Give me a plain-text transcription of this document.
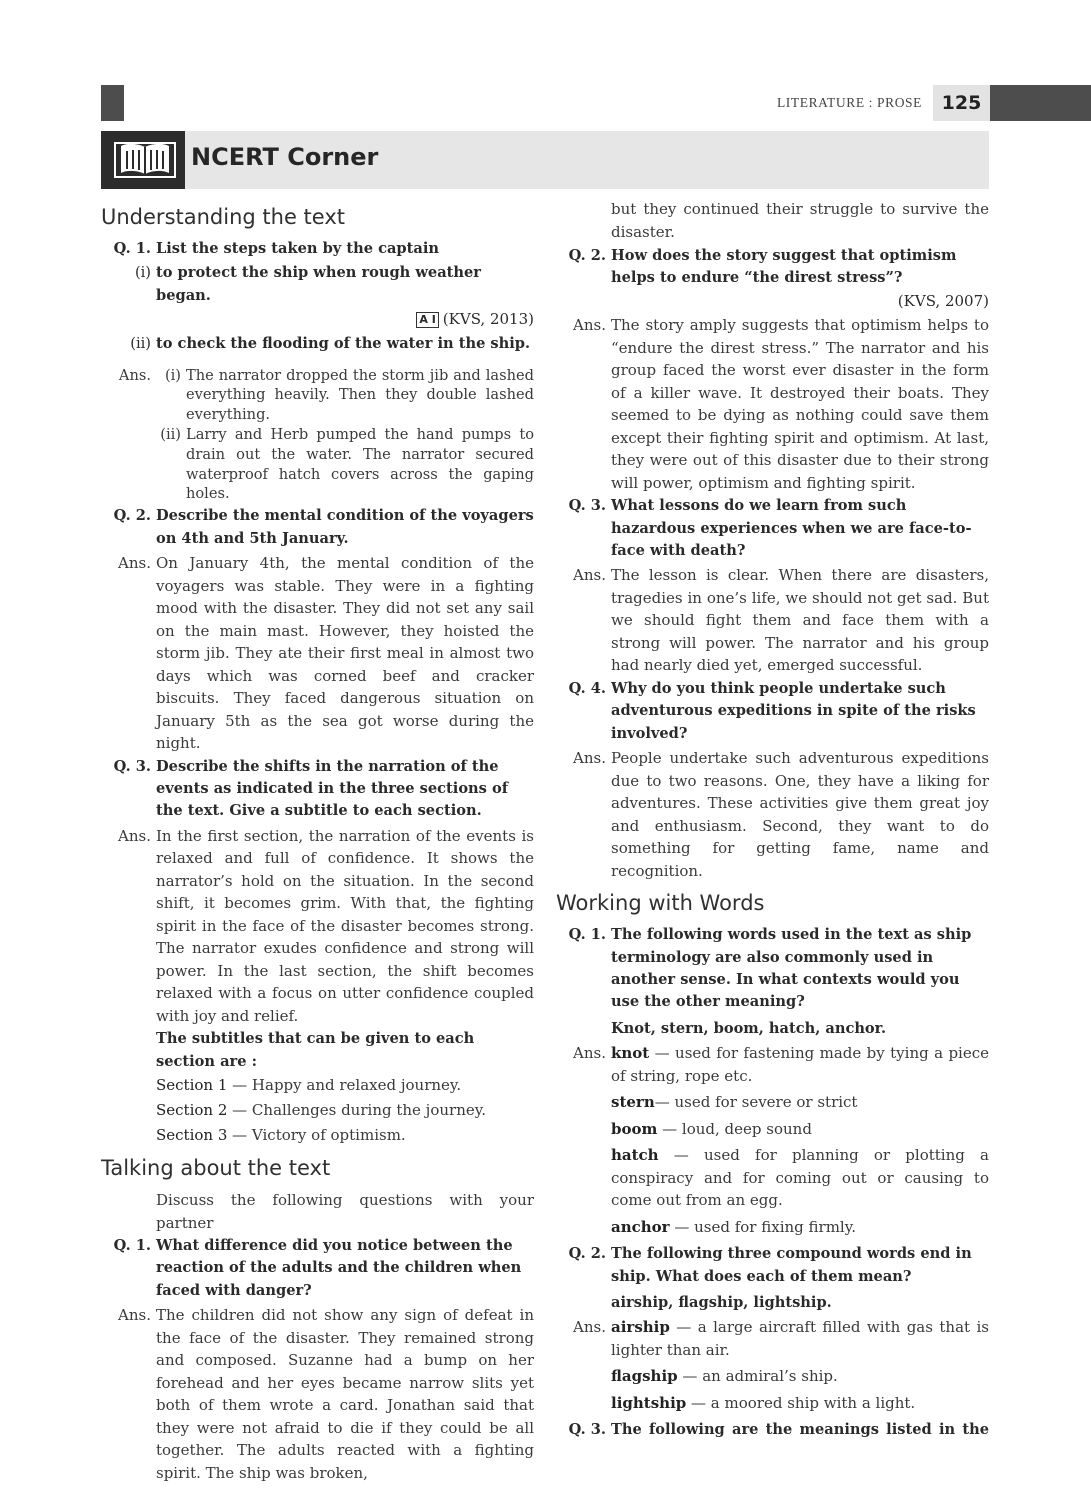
LITERATURE : PROSE	125
NCERT Corner
Understanding the text
Q. 1. List the steps taken by the captain
(i) to protect the ship when rough weather began.
A I (KVS, 2013)
(ii) to check the flooding of the water in the ship.
Ans. (i) The narrator dropped the storm jib and lashed everything heavily. Then they double lashed everything.
(ii) Larry and Herb pumped the hand pumps to drain out the water. The narrator secured waterproof hatch covers across the gaping holes.
Q. 2. Describe the mental condition of the voyagers on 4th and 5th January.
Ans. On January 4th, the mental condition of the voyagers was stable. They were in a fighting mood with the disaster. They did not set any sail on the main mast. However, they hoisted the storm jib. They ate their first meal in almost two days which was corned beef and cracker biscuits. They faced dangerous situation on January 5th as the sea got worse during the night.
Q. 3. Describe the shifts in the narration of the events as indicated in the three sections of the text. Give a subtitle to each section.
Ans. In the first section, the narration of the events is relaxed and full of confidence. It shows the narrator’s hold on the situation. In the second shift, it becomes grim. With that, the fighting spirit in the face of the disaster becomes strong. The narrator exudes confidence and strong will power. In the last section, the shift becomes relaxed with a focus on utter confidence coupled with joy and relief.
The subtitles that can be given to each section are :
Section 1 — Happy and relaxed journey.
Section 2 — Challenges during the journey.
Section 3 — Victory of optimism.
Talking about the text
Discuss the following questions with your partner
Q. 1. What difference did you notice between the reaction of the adults and the children when faced with danger?
Ans. The children did not show any sign of defeat in the face of the disaster. They remained strong and composed. Suzanne had a bump on her forehead and her eyes became narrow slits yet both of them wrote a card. Jonathan said that they were not afraid to die if they could be all together. The adults reacted with a fighting spirit. The ship was broken,
but they continued their struggle to survive the disaster.
Q. 2. How does the story suggest that optimism helps to endure “the direst stress”?
(KVS, 2007)
Ans. The story amply suggests that optimism helps to “endure the direst stress.” The narrator and his group faced the worst ever disaster in the form of a killer wave. It destroyed their boats. They seemed to be dying as nothing could save them except their fighting spirit and optimism. At last, they were out of this disaster due to their strong will power, optimism and fighting spirit.
Q. 3. What lessons do we learn from such hazardous experiences when we are face-to-face with death?
Ans. The lesson is clear. When there are disasters, tragedies in one’s life, we should not get sad. But we should fight them and face them with a strong will power. The narrator and his group had nearly died yet, emerged successful.
Q. 4. Why do you think people undertake such adventurous expeditions in spite of the risks involved?
Ans. People undertake such adventurous expeditions due to two reasons. One, they have a liking for adventures. These activities give them great joy and enthusiasm. Second, they want to do something for getting fame, name and recognition.
Working with Words
Q. 1. The following words used in the text as ship terminology are also commonly used in another sense. In what contexts would you use the other meaning?
Knot, stern, boom, hatch, anchor.
Ans. knot — used for fastening made by tying a piece of string, rope etc.
stern— used for severe or strict
boom — loud, deep sound
hatch — used for planning or plotting a conspiracy and for coming out or causing to come out from an egg.
anchor — used for fixing firmly.
Q. 2. The following three compound words end in ship. What does each of them mean?
airship, flagship, lightship.
Ans. airship — a large aircraft filled with gas that is lighter than air.
flagship — an admiral’s ship.
lightship — a moored ship with a light.
Q. 3. The following are the meanings listed in the
